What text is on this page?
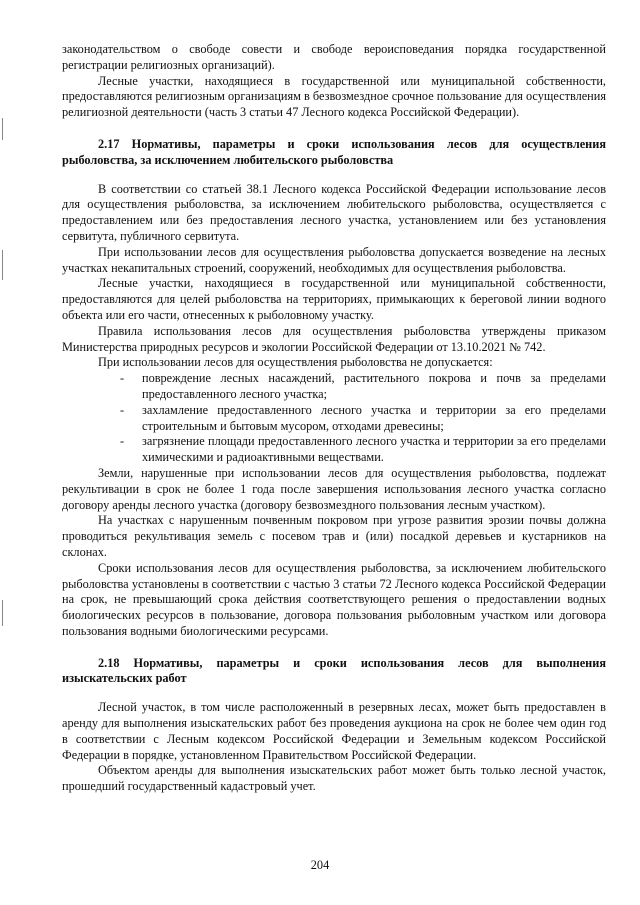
законодательством о свободе совести и свободе вероисповедания порядка государственной регистрации религиозных организаций).

Лесные участки, находящиеся в государственной или муниципальной собственности, предоставляются религиозным организациям в безвозмездное срочное пользование для осуществления религиозной деятельности (часть 3 статьи 47 Лесного кодекса Российской Федерации).

2.17 Нормативы, параметры и сроки использования лесов для осуществления рыболовства, за исключением любительского рыболовства

В соответствии со статьей 38.1 Лесного кодекса Российской Федерации использование лесов для осуществления рыболовства, за исключением любительского рыболовства, осуществляется с предоставлением или без предоставления лесного участка, установлением или без установления сервитута, публичного сервитута.

При использовании лесов для осуществления рыболовства допускается возведение на лесных участках некапитальных строений, сооружений, необходимых для осуществления рыболовства.

Лесные участки, находящиеся в государственной или муниципальной собственности, предоставляются для целей рыболовства на территориях, примыкающих к береговой линии водного объекта или его части, отнесенных к рыболовному участку.

Правила использования лесов для осуществления рыболовства утверждены приказом Министерства природных ресурсов и экологии Российской Федерации от 13.10.2021 № 742.

При использовании лесов для осуществления рыболовства не допускается:

- повреждение лесных насаждений, растительного покрова и почв за пределами предоставленного лесного участка;
- захламление предоставленного лесного участка и территории за его пределами строительным и бытовым мусором, отходами древесины;
- загрязнение площади предоставленного лесного участка и территории за его пределами химическими и радиоактивными веществами.

Земли, нарушенные при использовании лесов для осуществления рыболовства, подлежат рекультивации в срок не более 1 года после завершения использования лесного участка согласно договору аренды лесного участка (договору безвозмездного пользования лесным участком).

На участках с нарушенным почвенным покровом при угрозе развития эрозии почвы должна проводиться рекультивация земель с посевом трав и (или) посадкой деревьев и кустарников на склонах.

Сроки использования лесов для осуществления рыболовства, за исключением любительского рыболовства установлены в соответствии с частью 3 статьи 72 Лесного кодекса Российской Федерации на срок, не превышающий срока действия соответствующего решения о предоставлении водных биологических ресурсов в пользование, договора пользования рыболовным участком или договора пользования водными биологическими ресурсами.

2.18 Нормативы, параметры и сроки использования лесов для выполнения изыскательских работ

Лесной участок, в том числе расположенный в резервных лесах, может быть предоставлен в аренду для выполнения изыскательских работ без проведения аукциона на срок не более чем один год в соответствии с Лесным кодексом Российской Федерации и Земельным кодексом Российской Федерации в порядке, установленном Правительством Российской Федерации.

Объектом аренды для выполнения изыскательских работ может быть только лесной участок, прошедший государственный кадастровый учет.

204
